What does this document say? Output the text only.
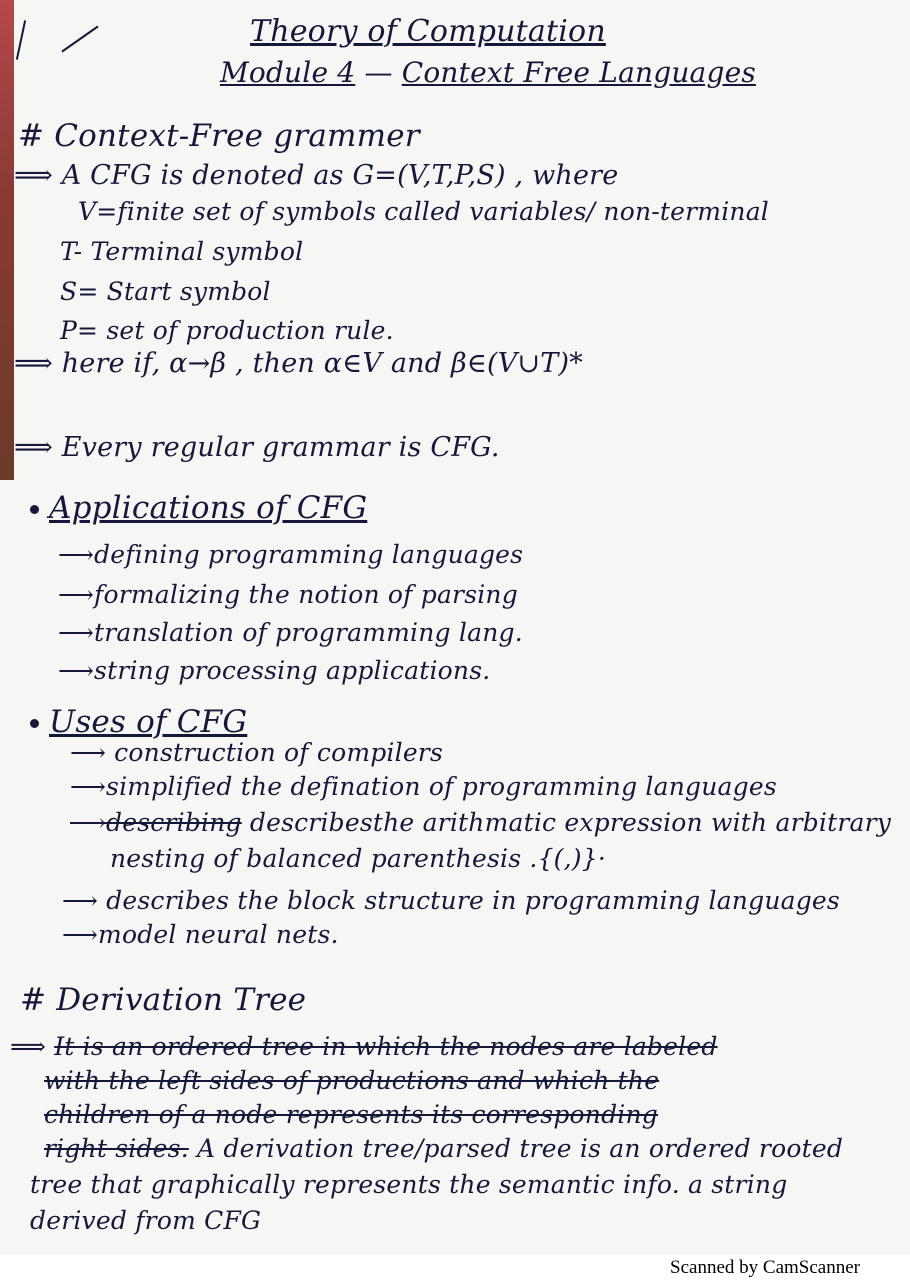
Theory of Computation
Module 4 — Context Free Languages
# Context-Free grammer
⟹ A CFG is denoted as G=(V,T,P,S) , where
V=finite set of symbols called variables/ non-terminal
T- Terminal symbol
S= Start symbol
P= set of production rule.
⟹ here if, α→β , then α∈V and β∈(V∪T)*
⟹ Every regular grammar is CFG.
Applications of CFG
⟶defining programming languages
⟶formalizing the notion of parsing
⟶translation of programming lang.
⟶string processing applications.
Uses of CFG
⟶ construction of compilers
⟶simplified the defination of programming languages
⟶describing describesthe arithmatic expression with arbitrary
nesting of balanced parenthesis .{(,)}·
⟶ describes the block structure in programming languages
⟶model neural nets.
# Derivation Tree
⟹ It is an ordered tree in which the nodes are labeled
with the left sides of productions and which the
children of a node represents its corresponding
right sides. A derivation tree/parsed tree is an ordered rooted
tree that graphically represents the semantic info. a string
derived from CFG
Scanned by CamScanner
